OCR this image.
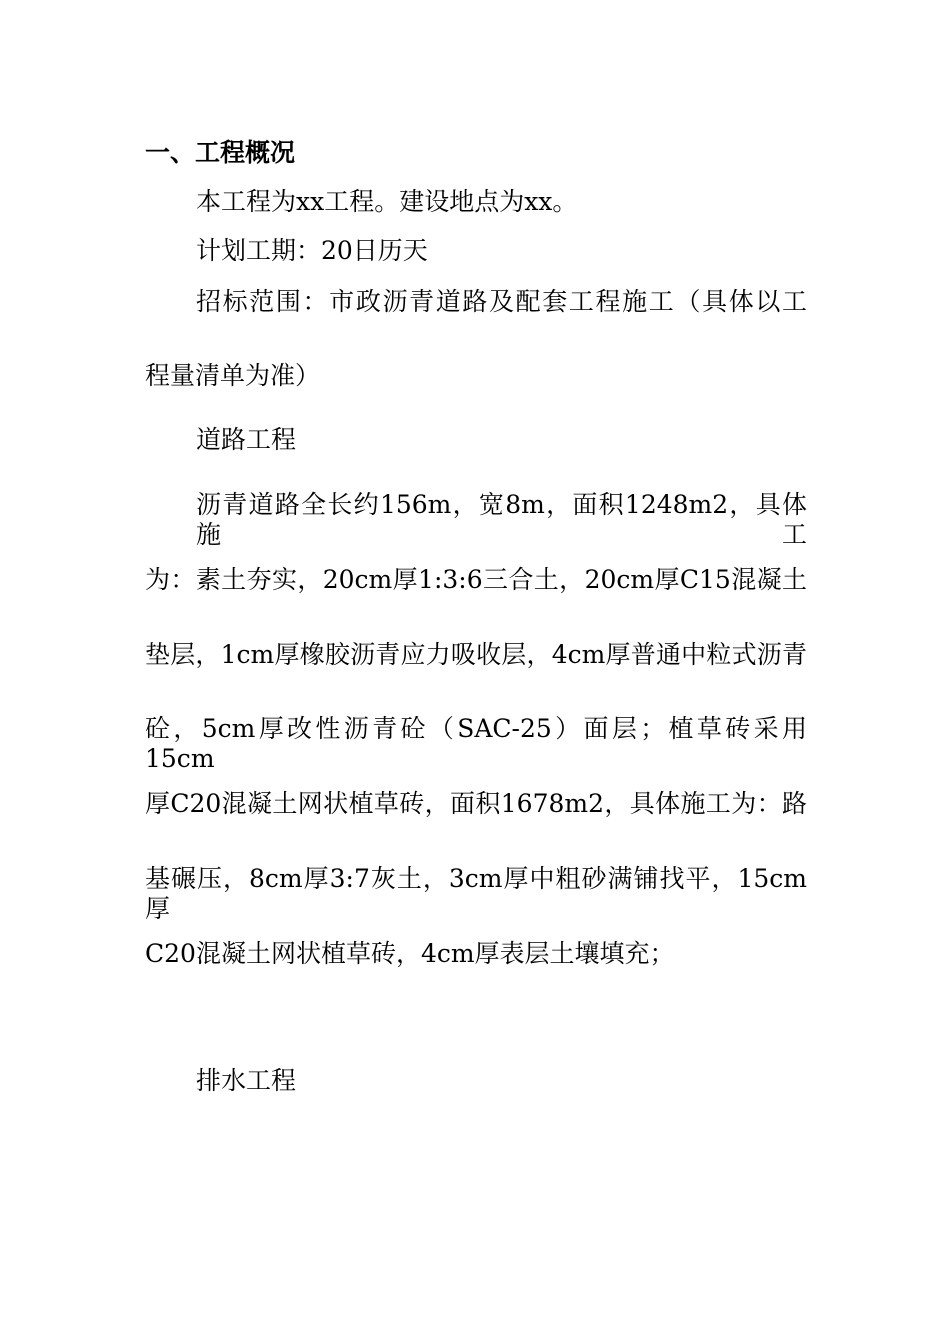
一、工程概况
本工程为xx工程。建设地点为xx。
计划工期：20日历天
招标范围：市政沥青道路及配套工程施工（具体以工
程量清单为准）
道路工程
沥青道路全长约156m，宽8m，面积1248m2，具体施工
为：素土夯实，20cm厚1:3:6三合土，20cm厚C15混凝土
垫层，1cm厚橡胶沥青应力吸收层，4cm厚普通中粒式沥青
砼，5cm厚改性沥青砼（SAC-25）面层；植草砖采用15cm
厚C20混凝土网状植草砖，面积1678m2，具体施工为：路
基碾压，8cm厚3:7灰土，3cm厚中粗砂满铺找平，15cm厚
C20混凝土网状植草砖，4cm厚表层土壤填充；
排水工程
